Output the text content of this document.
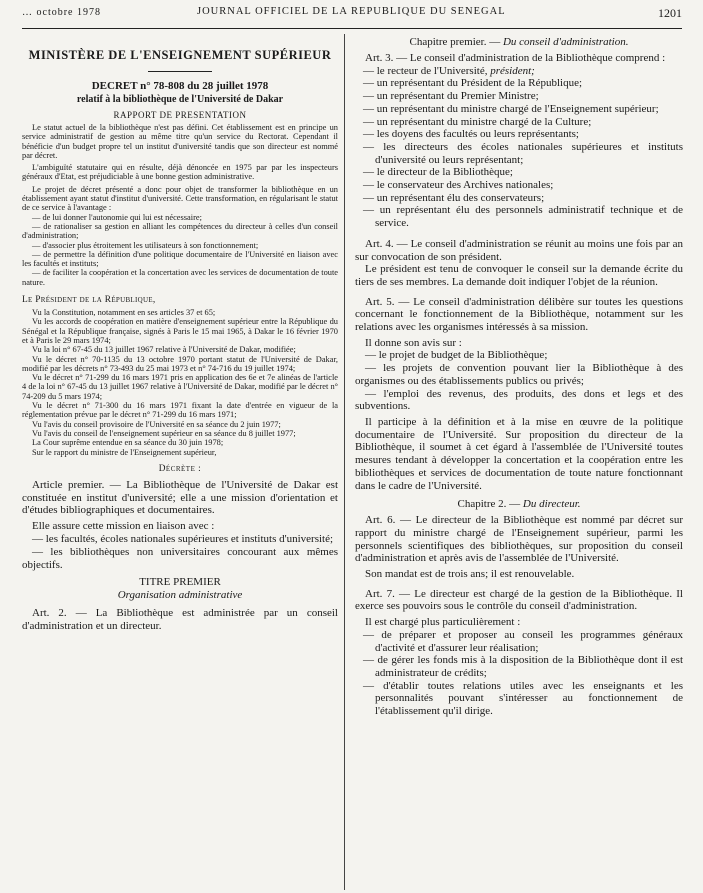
… octobre 1978	JOURNAL OFFICIEL DE LA REPUBLIQUE DU SENEGAL	1201
MINISTÈRE DE L'ENSEIGNEMENT SUPÉRIEUR
DECRET n° 78-808 du 28 juillet 1978
relatif à la bibliothèque de l'Université de Dakar
RAPPORT DE PRESENTATION

Le statut actuel de la bibliothèque n'est pas défini. Cet établissement est en principe un service administratif de gestion au même titre qu'un service du Rectorat. Cependant il bénéficie d'un budget propre tel un institut d'université tandis que son directeur est nommé par décret.

L'ambiguïté statutaire qui en résulte, déjà dénoncée en 1975 par par les inspecteurs généraux d'Etat, est préjudiciable à une bonne gestion administrative.

Le projet de décret présenté a donc pour objet de transformer la bibliothèque en un établissement ayant statut d'institut d'université. Cette transformation, en régularisant le statut de ce service à l'avantage :

— de lui donner l'autonomie qui lui est nécessaire;

— de rationaliser sa gestion en alliant les compétences du directeur à celles d'un conseil d'administration;

— d'associer plus étroitement les utilisateurs à son fonctionnement;

— de permettre la définition d'une politique documentaire de l'Université en liaison avec les facultés et instituts;

— de faciliter la coopération et la concertation avec les services de documentation de toute nature.

Le Président de la République,

Vu la Constitution, notamment en ses articles 37 et 65;

Vu les accords de coopération en matière d'enseignement supérieur entre la République du Sénégal et la République française, signés à Paris le 15 mai 1965, à Dakar le 16 février 1970 et à Paris le 29 mars 1974;

Vu la loi n° 67-45 du 13 juillet 1967 relative à l'Université de Dakar, modifiée;

Vu le décret n° 70-1135 du 13 octobre 1970 portant statut de l'Université de Dakar, modifié par les décrets n° 73-493 du 25 mai 1973 et n° 74-716 du 19 juillet 1974;

Vu le décret n° 71-299 du 16 mars 1971 pris en application des 6e et 7e alinéas de l'article 4 de la loi n° 67-45 du 13 juillet 1967 relative à l'Université de Dakar, modifié par le décret n° 74-209 du 5 mars 1974;

Vu le décret n° 71-300 du 16 mars 1971 fixant la date d'entrée en vigueur de la réglementation prévue par le décret n° 71-299 du 16 mars 1971;

Vu l'avis du conseil provisoire de l'Université en sa séance du 2 juin 1977;

Vu l'avis du conseil de l'enseignement supérieur en sa séance du 8 juillet 1977;

La Cour suprême entendue en sa séance du 30 juin 1978;

Sur le rapport du ministre de l'Enseignement supérieur,

Décrète :

Article premier. — La Bibliothèque de l'Université de Dakar est constituée en institut d'université; elle a une mission d'orientation et d'études bibliographiques et documentaires.

Elle assure cette mission en liaison avec :

— les facultés, écoles nationales supérieures et instituts d'université;

— les bibliothèques non universitaires concourant aux mêmes objectifs.

TITRE PREMIER
Organisation administrative

Art. 2. — La Bibliothèque est administrée par un conseil d'administration et un directeur.

Chapitre premier. — Du conseil d'administration.

Art. 3. — Le conseil d'administration de la Bibliothèque comprend :

— le recteur de l'Université, président;

— un représentant du Président de la République;

— un représentant du Premier Ministre;

— un représentant du ministre chargé de l'Enseignement supérieur;

— un représentant du ministre chargé de la Culture;

— les doyens des facultés ou leurs représentants;

— les directeurs des écoles nationales supérieures et instituts d'université ou leurs représentant;

— le directeur de la Bibliothèque;

— le conservateur des Archives nationales;

— un représentant élu des conservateurs;

— un représentant élu des personnels administratif technique et de service.

Art. 4. — Le conseil d'administration se réunit au moins une fois par an sur convocation de son président.

Le président est tenu de convoquer le conseil sur la demande écrite du tiers de ses membres. La demande doit indiquer l'objet de la réunion.

Art. 5. — Le conseil d'administration délibère sur toutes les questions concernant le fonctionnement de la Bibliothèque, notamment sur les relations avec les organismes intéressés à sa mission.

Il donne son avis sur :

— le projet de budget de la Bibliothèque;

— les projets de convention pouvant lier la Bibliothèque à des organismes ou des établissements publics ou privés;

— l'emploi des revenus, des produits, des dons et legs et des subventions.

Il participe à la définition et à la mise en œuvre de la politique documentaire de l'Université. Sur proposition du directeur de la Bibliothèque, il soumet à cet égard à l'assemblée de l'Université toutes mesures tendant à développer la concertation et la coopération entre les bibliothèques et services de documentation de toute nature fonctionnant dans le cadre de l'Université.

Chapitre 2. — Du directeur.

Art. 6. — Le directeur de la Bibliothèque est nommé par décret sur rapport du ministre chargé de l'Enseignement supérieur, parmi les personnels scientifiques des bibliothèques, sur proposition du conseil d'administration et après avis de l'assemblée de l'Université.

Son mandat est de trois ans; il est renouvelable.

Art. 7. — Le directeur est chargé de la gestion de la Bibliothèque. Il exerce ses pouvoirs sous le contrôle du conseil d'administration.

Il est chargé plus particulièrement :

— de préparer et proposer au conseil les programmes généraux d'activité et d'assurer leur réalisation;

— de gérer les fonds mis à la disposition de la Bibliothèque dont il est administrateur de crédits;

— d'établir toutes relations utiles avec les enseignants et les personnalités pouvant s'intéresser au fonctionnement de l'établissement qu'il dirige.
